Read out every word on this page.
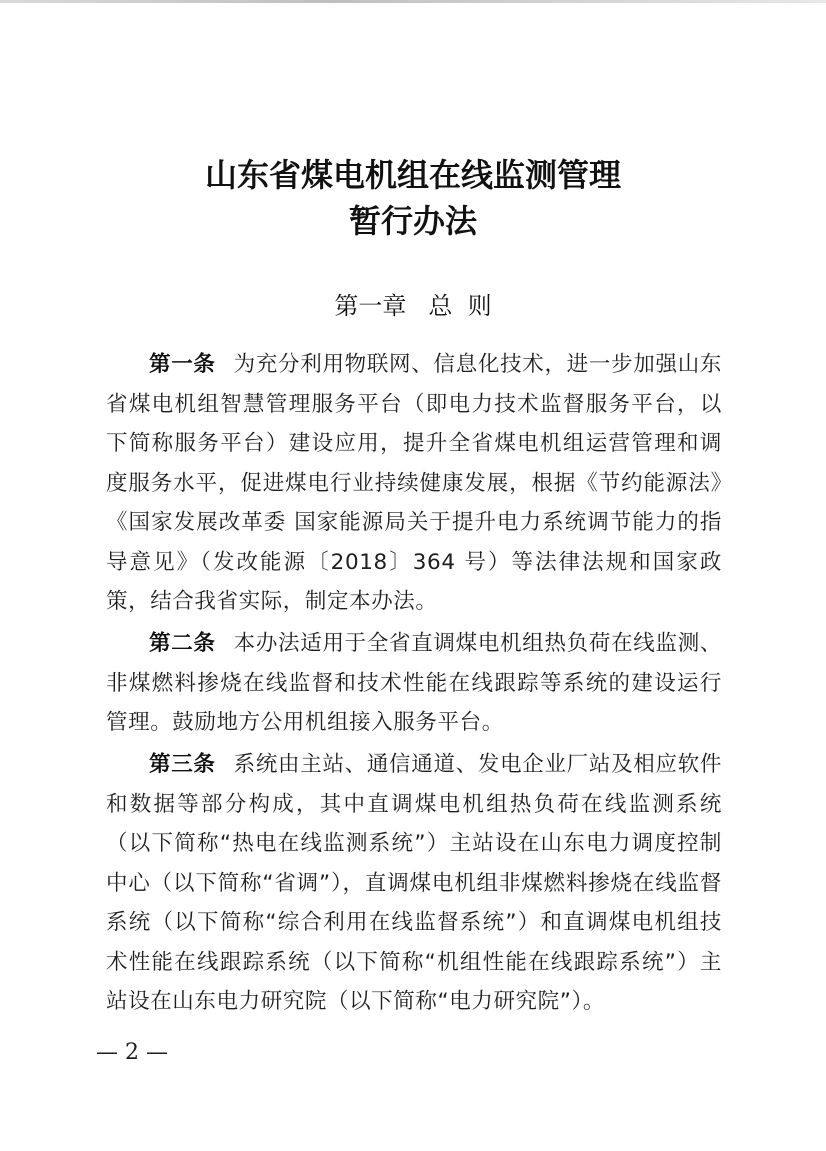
山东省煤电机组在线监测管理
暂行办法
第一章 总  则

第一条 为充分利用物联网、信息化技术，进一步加强山东省煤电机组智慧管理服务平台（即电力技术监督服务平台，以下简称服务平台）建设应用，提升全省煤电机组运营管理和调度服务水平，促进煤电行业持续健康发展，根据《节约能源法》《国家发展改革委 国家能源局关于提升电力系统调节能力的指导意见》（发改能源〔2018〕364 号）等法律法规和国家政策，结合我省实际，制定本办法。

第二条 本办法适用于全省直调煤电机组热负荷在线监测、非煤燃料掺烧在线监督和技术性能在线跟踪等系统的建设运行管理。鼓励地方公用机组接入服务平台。

第三条 系统由主站、通信通道、发电企业厂站及相应软件和数据等部分构成，其中直调煤电机组热负荷在线监测系统（以下简称“热电在线监测系统”）主站设在山东电力调度控制中心（以下简称“省调”），直调煤电机组非煤燃料掺烧在线监督系统（以下简称“综合利用在线监督系统”）和直调煤电机组技术性能在线跟踪系统（以下简称“机组性能在线跟踪系统”）主站设在山东电力研究院（以下简称“电力研究院”）。

— 2 —
